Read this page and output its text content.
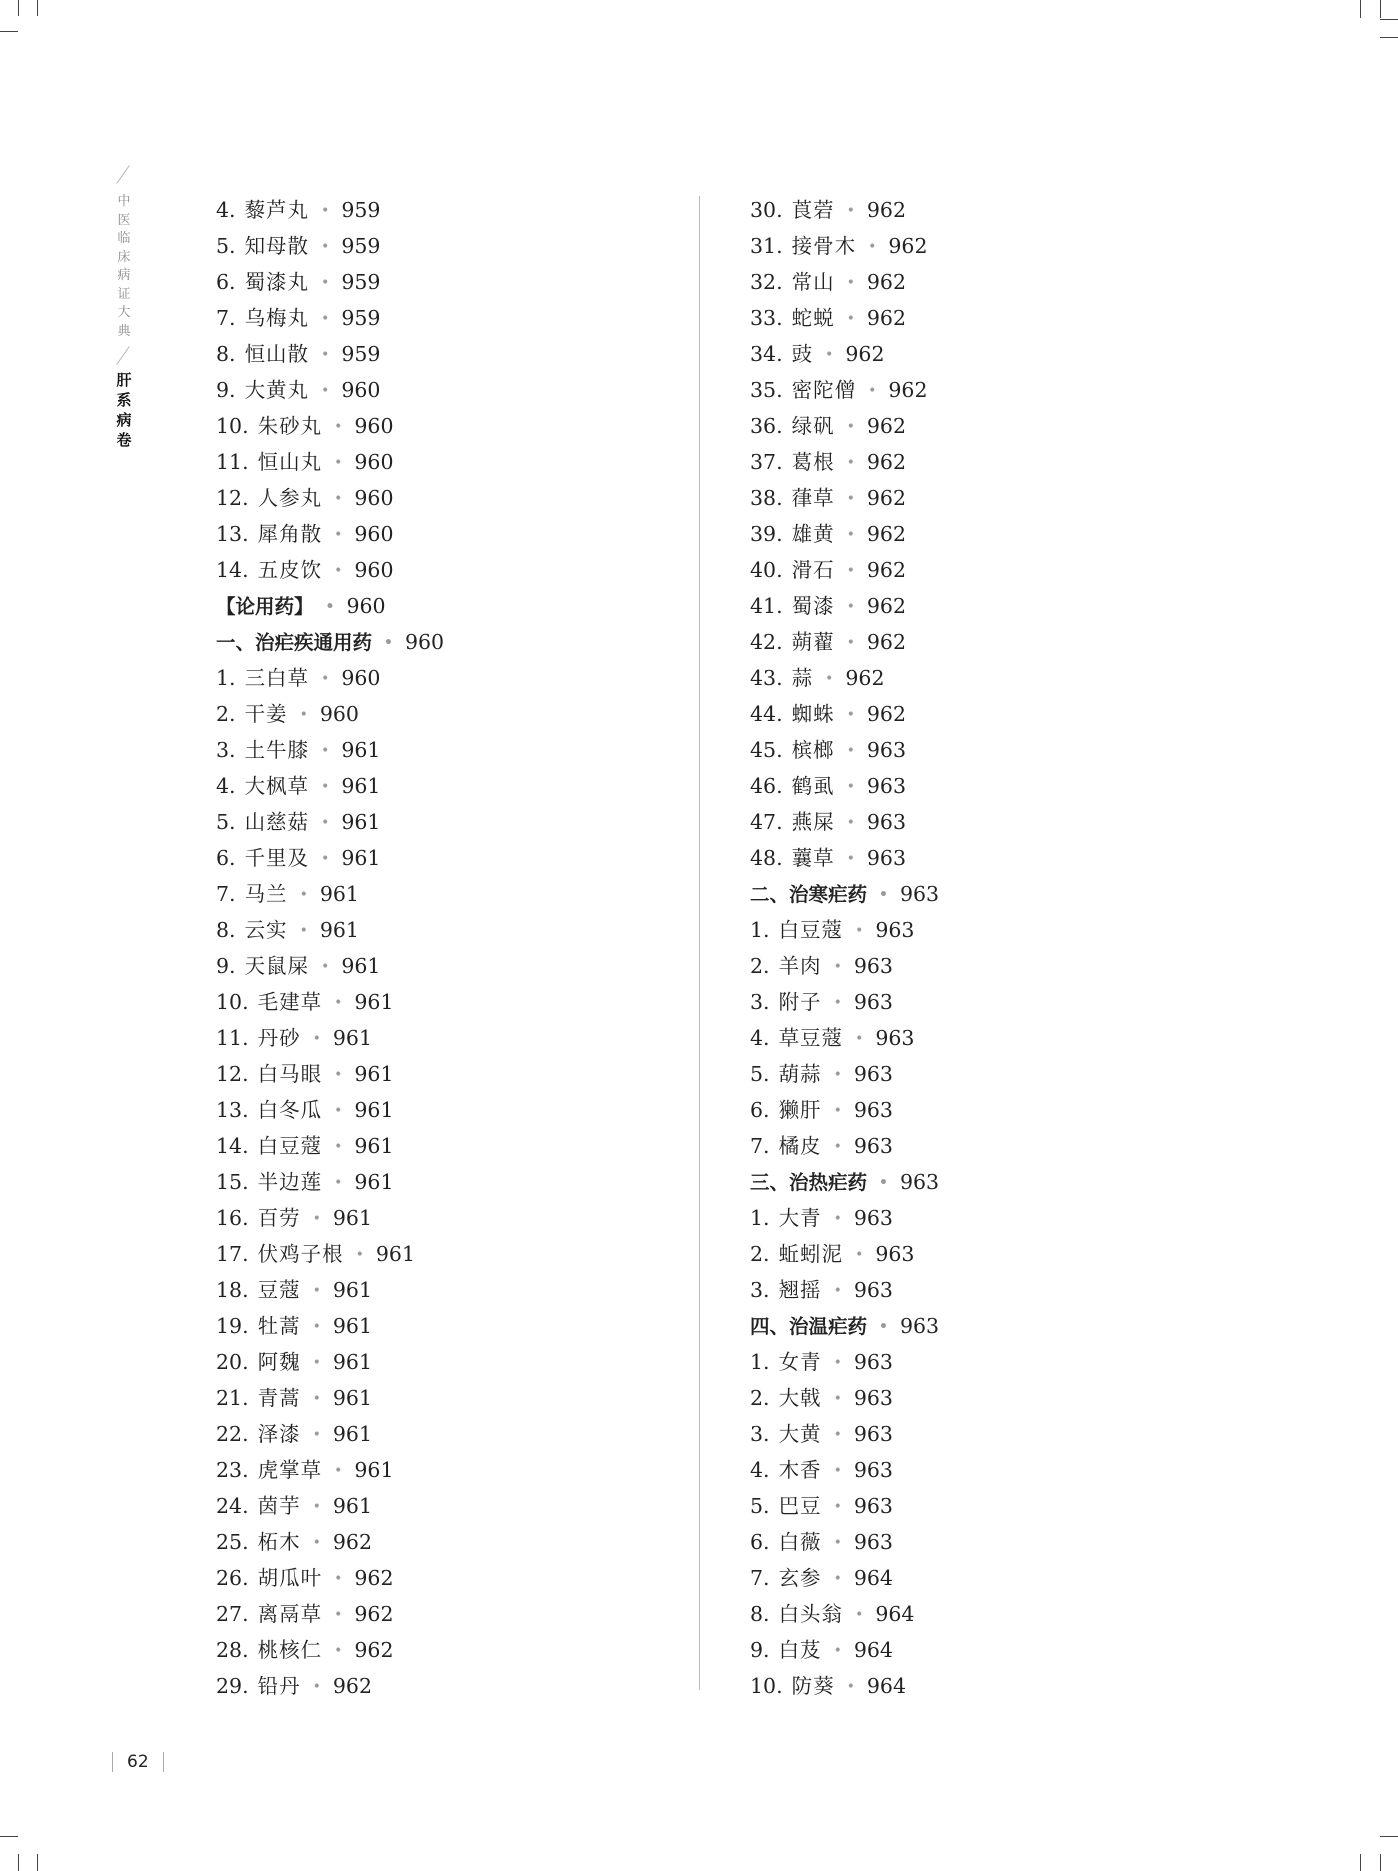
中
医
临
床
病
证
大
典
肝
系
病
卷
4. 藜芦丸 • 959
5. 知母散 • 959
6. 蜀漆丸 • 959
7. 乌梅丸 • 959
8. 恒山散 • 959
9. 大黄丸 • 960
10. 朱砂丸 • 960
11. 恒山丸 • 960
12. 人参丸 • 960
13. 犀角散 • 960
14. 五皮饮 • 960
【论用药】 • 960
一、治疟疾通用药 • 960
1. 三白草 • 960
2. 干姜 • 960
3. 土牛膝 • 961
4. 大枫草 • 961
5. 山慈菇 • 961
6. 千里及 • 961
7. 马兰 • 961
8. 云实 • 961
9. 天鼠屎 • 961
10. 毛建草 • 961
11. 丹砂 • 961
12. 白马眼 • 961
13. 白冬瓜 • 961
14. 白豆蔻 • 961
15. 半边莲 • 961
16. 百劳 • 961
17. 伏鸡子根 • 961
18. 豆蔻 • 961
19. 牡蒿 • 961
20. 阿魏 • 961
21. 青蒿 • 961
22. 泽漆 • 961
23. 虎掌草 • 961
24. 茵芋 • 961
25. 柘木 • 962
26. 胡瓜叶 • 962
27. 离鬲草 • 962
28. 桃核仁 • 962
29. 铅丹 • 962
30. 莨菪 • 962
31. 接骨木 • 962
32. 常山 • 962
33. 蛇蜕 • 962
34. 豉 • 962
35. 密陀僧 • 962
36. 绿矾 • 962
37. 葛根 • 962
38. 葎草 • 962
39. 雄黄 • 962
40. 滑石 • 962
41. 蜀漆 • 962
42. 蒴藋 • 962
43. 蒜 • 962
44. 蜘蛛 • 962
45. 槟榔 • 963
46. 鹤虱 • 963
47. 燕屎 • 963
48. 蘘草 • 963
二、治寒疟药 • 963
1. 白豆蔻 • 963
2. 羊肉 • 963
3. 附子 • 963
4. 草豆蔻 • 963
5. 葫蒜 • 963
6. 獭肝 • 963
7. 橘皮 • 963
三、治热疟药 • 963
1. 大青 • 963
2. 蚯蚓泥 • 963
3. 翘摇 • 963
四、治温疟药 • 963
1. 女青 • 963
2. 大戟 • 963
3. 大黄 • 963
4. 木香 • 963
5. 巴豆 • 963
6. 白薇 • 963
7. 玄参 • 964
8. 白头翁 • 964
9. 白芨 • 964
10. 防葵 • 964
62
